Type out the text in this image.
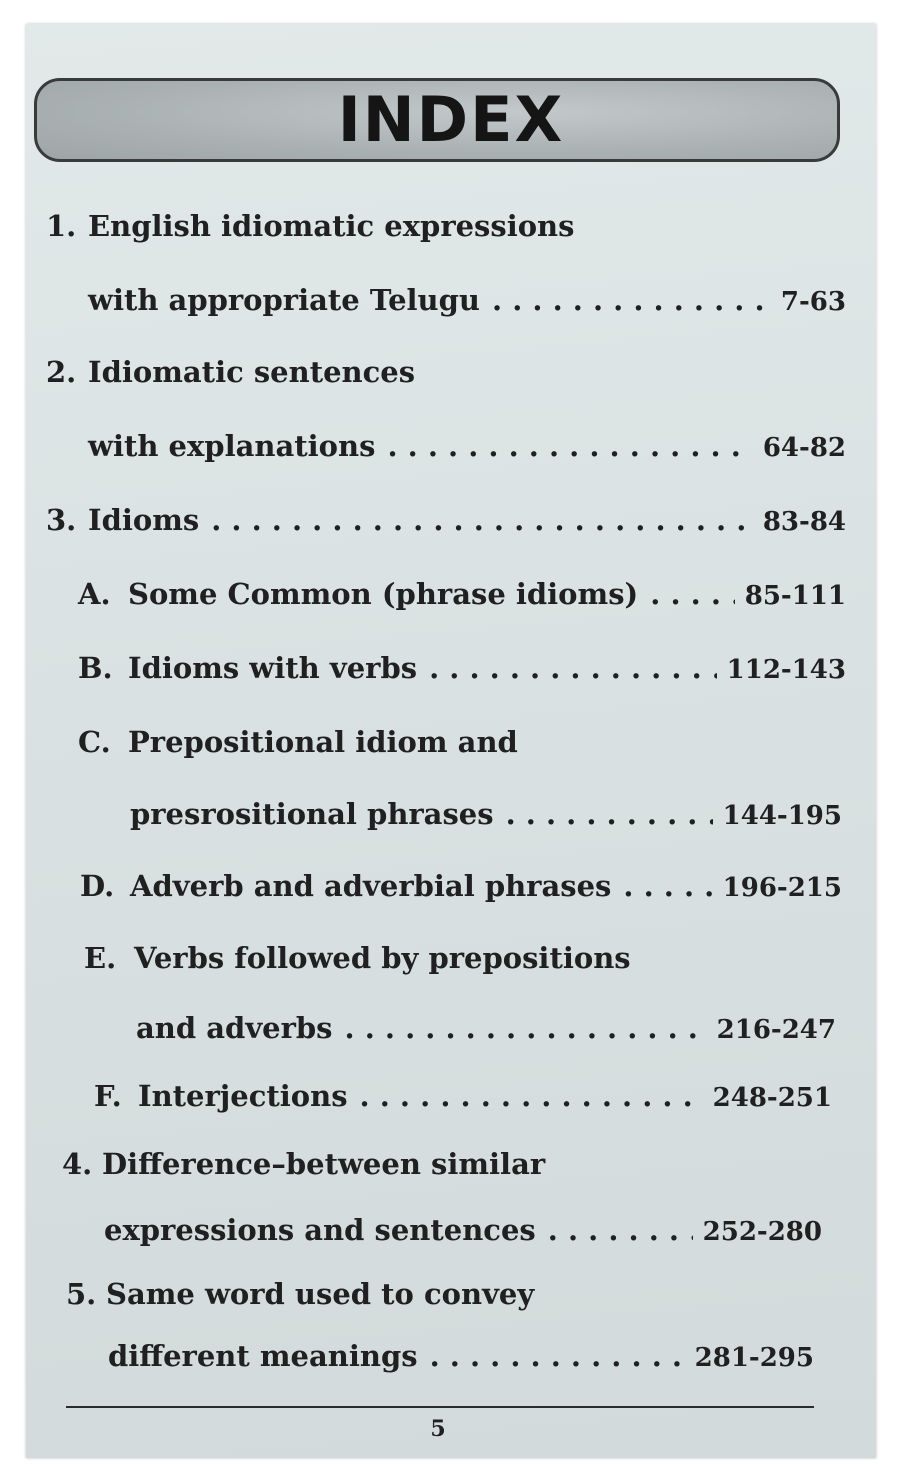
INDEX
1. English idiomatic expressions
with appropriate Telugu . . .	7-63
2. Idiomatic sentences
with explanations . . .	64-82
3. Idioms . . .	83-84
A. Some Common (phrase idioms) . . .	85-111
B. Idioms with verbs . . .	112-143
C. Prepositional idiom and
presrositional phrases . . .	144-195
D. Adverb and adverbial phrases . . .	196-215
E. Verbs followed by prepositions
and adverbs . . .	216-247
F. Interjections . . .	248-251
4. Difference–between similar
expressions and sentences . . .	252-280
5. Same word used to convey
different meanings . . .	281-295
5
